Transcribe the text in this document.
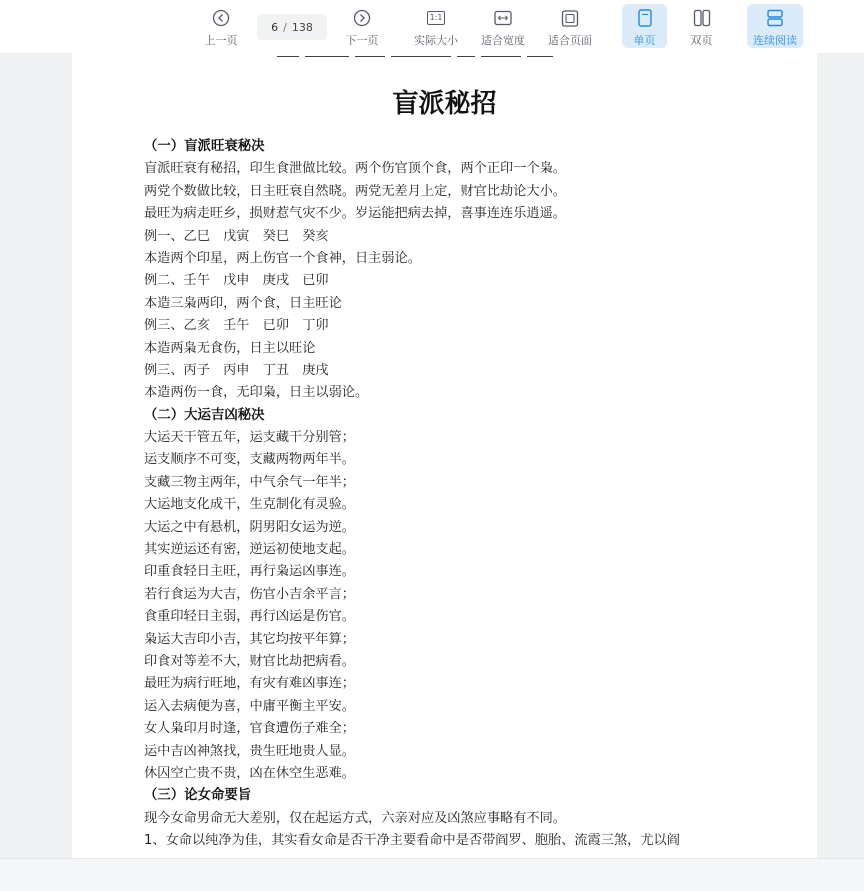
上一页
6 / 138
下一页
1:1
实际大小 适合宽度 适合页面	单页	双页	连续阅读
盲派秘招
（一）盲派旺衰秘决
盲派旺衰有秘招，印生食泄做比较。两个伤官顶个食，两个正印一个枭。
两党个数做比较，日主旺衰自然晓。两党无差月上定，财官比劫论大小。
最旺为病走旺乡，损财惹气灾不少。岁运能把病去掉，喜事连连乐逍遥。
例一、乙巳　戊寅　癸巳　癸亥
本造两个印星，两上伤官一个食神，日主弱论。
例二、壬午　戊申　庚戌　已卯
本造三枭两印，两个食，日主旺论
例三、乙亥　壬午　已卯　丁卯
本造两枭无食伤，日主以旺论
例三、丙子　丙申　丁丑　庚戌
本造两伤一食，无印枭，日主以弱论。
（二）大运吉凶秘决
大运天干管五年，运支藏干分别管；
运支顺序不可变，支藏两物两年半。
支藏三物主两年，中气余气一年半；
大运地支化成干，生克制化有灵验。
大运之中有悬机，阴男阳女运为逆。
其实逆运还有密，逆运初使地支起。
印重食轻日主旺，再行枭运凶事连。
若行食运为大吉，伤官小吉余平言；
食重印轻日主弱，再行凶运是伤官。
枭运大吉印小吉，其它均按平年算；
印食对等差不大，财官比劫把病看。
最旺为病行旺地，有灾有难凶事连；
运入去病便为喜，中庸平衡主平安。
女人枭印月时逢，官食遭伤子难全；
运中吉凶神煞找，贵生旺地贵人显。
休囚空亡贵不贵，凶在休空生恶难。
（三）论女命要旨
现今女命男命无大差别，仅在起运方式，六亲对应及凶煞应事略有不同。
1、女命以纯净为佳，其实看女命是否干净主要看命中是否带阎罗、胞胎、流霞三煞，尤以阎
